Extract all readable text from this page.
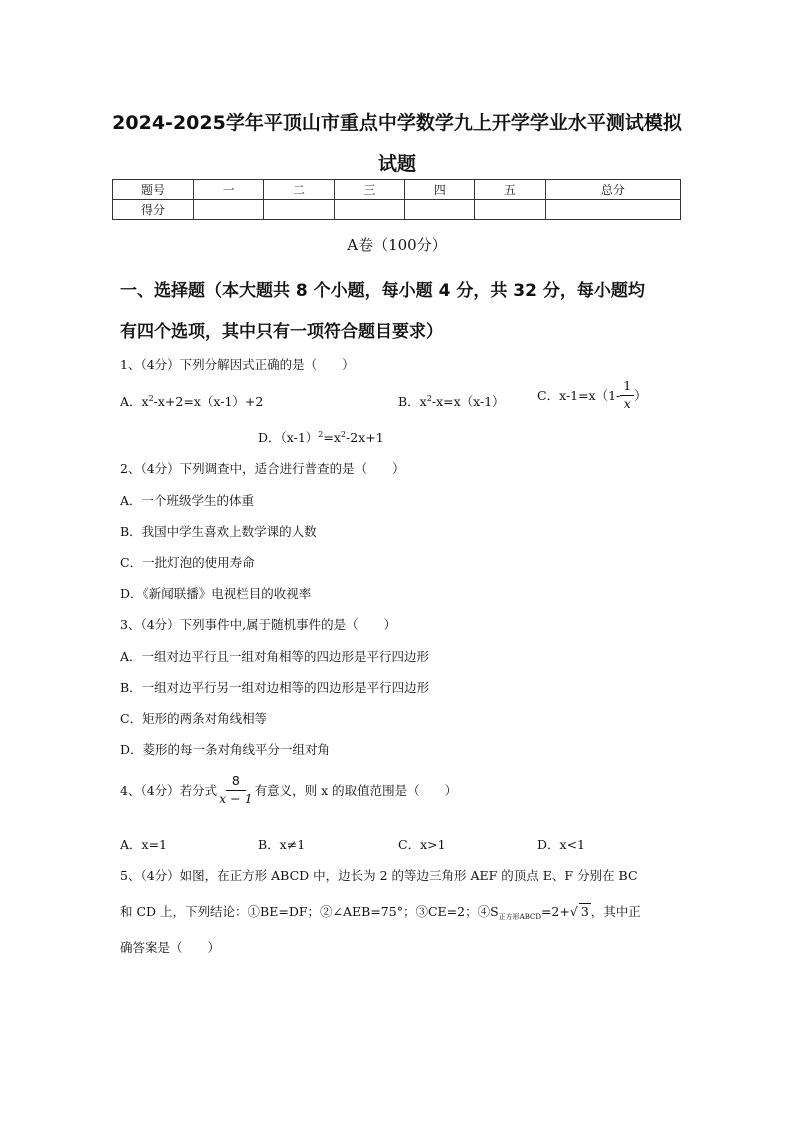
2024-2025学年平顶山市重点中学数学九上开学学业水平测试模拟
试题
题号	一	二	三	四	五	总分
得分						
A卷（100分）
一、选择题（本大题共 8 个小题，每小题 4 分，共 32 分，每小题均
有四个选项，其中只有一项符合题目要求）
1、（4分）下列分解因式正确的是（　　）
A．$x^2-x+2=x(x-1)+2$	B．$x^2-x=x(x-1)$	C．$x-1=x(1- \frac{1}{x}$ ）
D．$(x-1)^2=x^2-2x+1$
2、（4分）下列调查中，适合进行普查的是（　　）
A．一个班级学生的体重
B．我国中学生喜欢上数学课的人数
C．一批灯泡的使用寿命
D．《新闻联播》电视栏目的收视率
3、（4分）下列事件中,属于随机事件的是（　　）
A．一组对边平行且一组对角相等的四边形是平行四边形
B．一组对边平行另一组对边相等的四边形是平行四边形
C．矩形的两条对角线相等
D．菱形的每一条对角线平分一组对角
4、（4分）若分式 $\frac{8}{x - 1}$ 有意义，则 x 的取值范围是（　　）
A．x=1	B．x≠1	C．x>1	D．x<1
5、（4分）如图，在正方形 ABCD 中，边长为 2 的等边三角形 AEF 的顶点 E、F 分别在 BC
和 CD 上，下列结论：①BE=DF；②∠AEB=75°；③CE=2；$④S_{正方形ABCD}=2+√$ 3 ，其中正
确答案是（　　）
